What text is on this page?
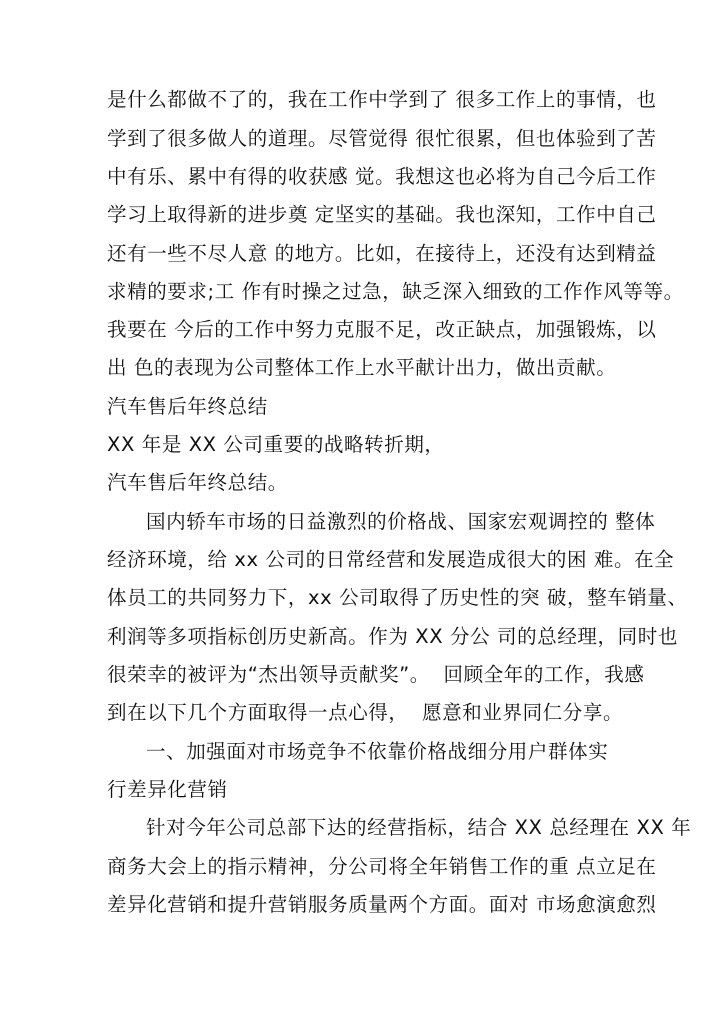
是什么都做不了的，我在工作中学到了 很多工作上的事情，也
学到了很多做人的道理。尽管觉得 很忙很累，但也体验到了苦
中有乐、累中有得的收获感 觉。我想这也必将为自己今后工作
学习上取得新的进步奠 定坚实的基础。我也深知，工作中自己
还有一些不尽人意 的地方。比如，在接待上，还没有达到精益
求精的要求;工 作有时操之过急，缺乏深入细致的工作作风等等。
我要在 今后的工作中努力克服不足，改正缺点，加强锻炼，以
出 色的表现为公司整体工作上水平献计出力，做出贡献。
汽车售后年终总结
XX 年是 XX 公司重要的战略转折期，
汽车售后年终总结。
国内轿车市场的日益激烈的价格战、国家宏观调控的 整体
经济环境，给 xx 公司的日常经营和发展造成很大的困 难。在全
体员工的共同努力下，xx 公司取得了历史性的突 破，整车销量、
利润等多项指标创历史新高。作为 XX 分公 司的总经理，同时也
很荣幸的被评为“杰出领导贡献奖”。  回顾全年的工作，我感
到在以下几个方面取得一点心得，  愿意和业界同仁分享。
一、加强面对市场竞争不依靠价格战细分用户群体实
行差异化营销
针对今年公司总部下达的经营指标，结合 XX 总经理在 XX 年
商务大会上的指示精神，分公司将全年销售工作的重 点立足在
差异化营销和提升营销服务质量两个方面。面对 市场愈演愈烈
